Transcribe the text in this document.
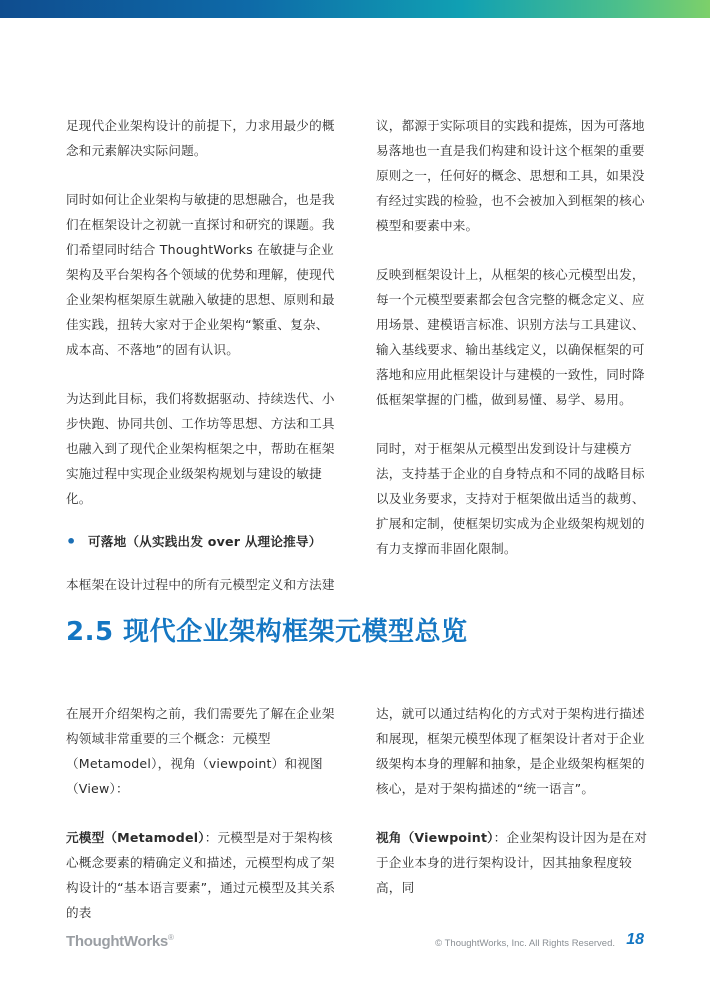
足现代企业架构设计的前提下，力求用最少的概念和元素解决实际问题。

同时如何让企业架构与敏捷的思想融合，也是我们在框架设计之初就一直探讨和研究的课题。我们希望同时结合 ThoughtWorks 在敏捷与企业架构及平台架构各个领域的优势和理解，使现代企业架构框架原生就融入敏捷的思想、原则和最佳实践，扭转大家对于企业架构“繁重、复杂、成本高、不落地”的固有认识。

为达到此目标，我们将数据驱动、持续迭代、小步快跑、协同共创、工作坊等思想、方法和工具也融入到了现代企业架构框架之中，帮助在框架实施过程中实现企业级架构规划与建设的敏捷化。

• 可落地（从实践出发 over 从理论推导）

本框架在设计过程中的所有元模型定义和方法建

议，都源于实际项目的实践和提炼，因为可落地易落地也一直是我们构建和设计这个框架的重要原则之一，任何好的概念、思想和工具，如果没有经过实践的检验，也不会被加入到框架的核心模型和要素中来。

反映到框架设计上，从框架的核心元模型出发，每一个元模型要素都会包含完整的概念定义、应用场景、建模语言标准、识别方法与工具建议、输入基线要求、输出基线定义，以确保框架的可落地和应用此框架设计与建模的一致性，同时降低框架掌握的门槛，做到易懂、易学、易用。

同时，对于框架从元模型出发到设计与建模方法，支持基于企业的自身特点和不同的战略目标以及业务要求，支持对于框架做出适当的裁剪、扩展和定制，使框架切实成为企业级架构规划的有力支撑而非固化限制。

2.5 现代企业架构框架元模型总览

在展开介绍架构之前，我们需要先了解在企业架构领域非常重要的三个概念：元模型（Metamodel），视角（viewpoint）和视图（View）：

元模型（Metamodel）：元模型是对于架构核心概念要素的精确定义和描述，元模型构成了架构设计的“基本语言要素”，通过元模型及其关系的表

达，就可以通过结构化的方式对于架构进行描述和展现，框架元模型体现了框架设计者对于企业级架构本身的理解和抽象，是企业级架构框架的核心，是对于架构描述的“统一语言”。

视角（Viewpoint）：企业架构设计因为是在对于企业本身的进行架构设计，因其抽象程度较高，同

ThoughtWorks®
© ThoughtWorks, Inc. All Rights Reserved. 18
